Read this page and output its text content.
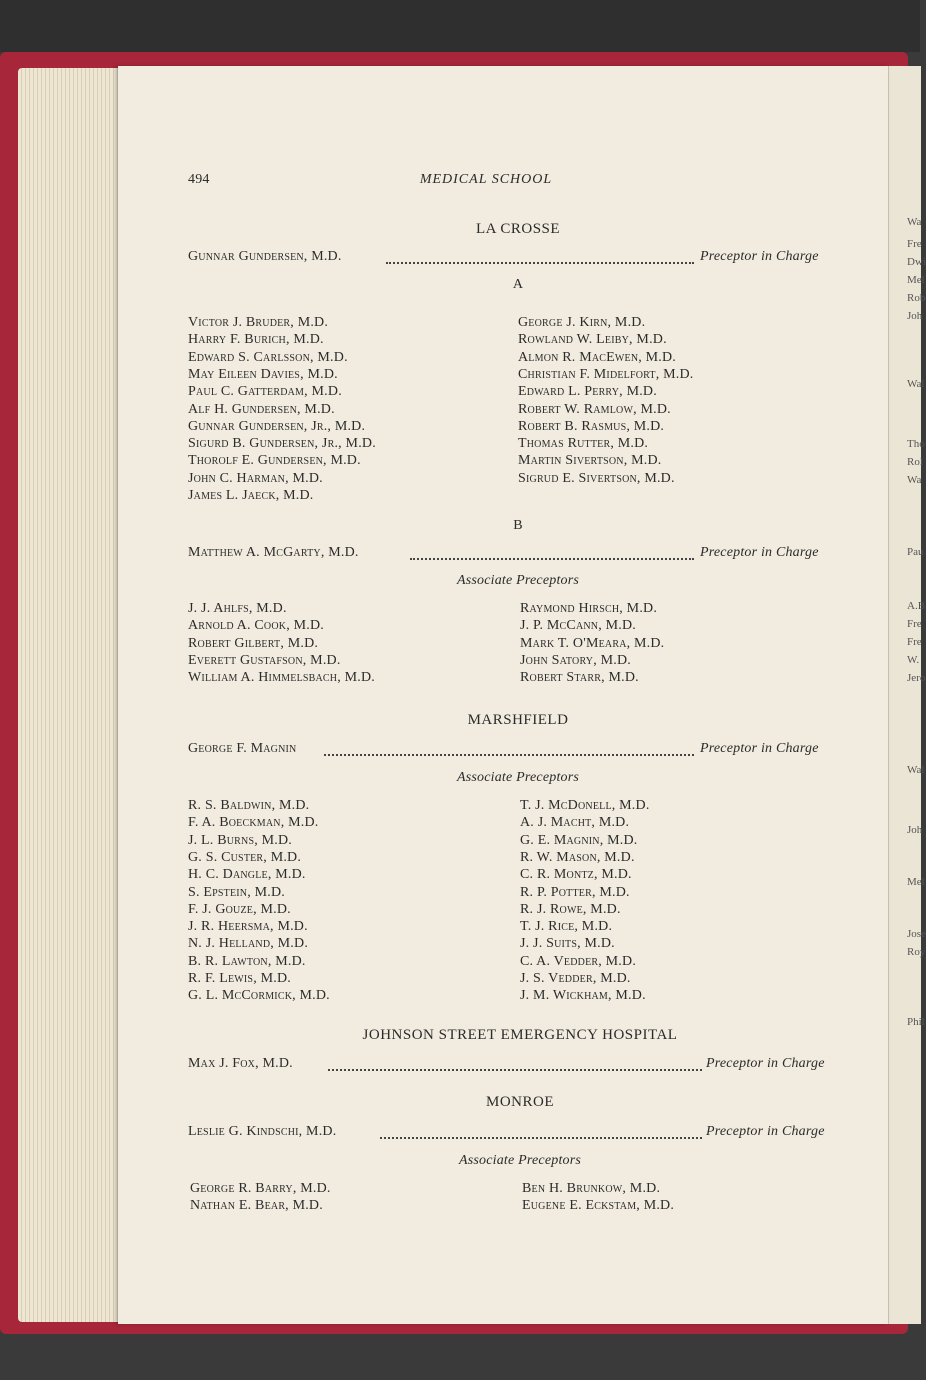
Wa
Fre
Dwi
Mel
Rob
Joh
Wal
Tho
Rol
Wa
Pau
A.B
Fre
Fre
W.
Jero
Wal
Joh
Mel
Jose
Roy
Phil
494	MEDICAL SCHOOL
LA CROSSE
Gunnar Gundersen, M.D.	Preceptor in Charge
A
Victor J. Bruder, M.D.
Harry F. Burich, M.D.
Edward S. Carlsson, M.D.
May Eileen Davies, M.D.
Paul C. Gatterdam, M.D.
Alf H. Gundersen, M.D.
Gunnar Gundersen, Jr., M.D.
Sigurd B. Gundersen, Jr., M.D.
Thorolf E. Gundersen, M.D.
John C. Harman, M.D.
James L. Jaeck, M.D.
George J. Kirn, M.D.
Rowland W. Leiby, M.D.
Almon R. MacEwen, M.D.
Christian F. Midelfort, M.D.
Edward L. Perry, M.D.
Robert W. Ramlow, M.D.
Robert B. Rasmus, M.D.
Thomas Rutter, M.D.
Martin Sivertson, M.D.
Sigrud E. Sivertson, M.D.
B
Matthew A. McGarty, M.D.	Preceptor in Charge
Associate Preceptors
J. J. Ahlfs, M.D.
Arnold A. Cook, M.D.
Robert Gilbert, M.D.
Everett Gustafson, M.D.
William A. Himmelsbach, M.D.
Raymond Hirsch, M.D.
J. P. McCann, M.D.
Mark T. O'Meara, M.D.
John Satory, M.D.
Robert Starr, M.D.
MARSHFIELD
George F. Magnin	Preceptor in Charge
Associate Preceptors
R. S. Baldwin, M.D.
F. A. Boeckman, M.D.
J. L. Burns, M.D.
G. S. Custer, M.D.
H. C. Dangle, M.D.
S. Epstein, M.D.
F. J. Gouze, M.D.
J. R. Heersma, M.D.
N. J. Helland, M.D.
B. R. Lawton, M.D.
R. F. Lewis, M.D.
G. L. McCormick, M.D.
T. J. McDonell, M.D.
A. J. Macht, M.D.
G. E. Magnin, M.D.
R. W. Mason, M.D.
C. R. Montz, M.D.
R. P. Potter, M.D.
R. J. Rowe, M.D.
T. J. Rice, M.D.
J. J. Suits, M.D.
C. A. Vedder, M.D.
J. S. Vedder, M.D.
J. M. Wickham, M.D.
JOHNSON STREET EMERGENCY HOSPITAL
Max J. Fox, M.D.	Preceptor in Charge
MONROE
Leslie G. Kindschi, M.D.	Preceptor in Charge
Associate Preceptors
George R. Barry, M.D.
Nathan E. Bear, M.D.
Ben H. Brunkow, M.D.
Eugene E. Eckstam, M.D.
